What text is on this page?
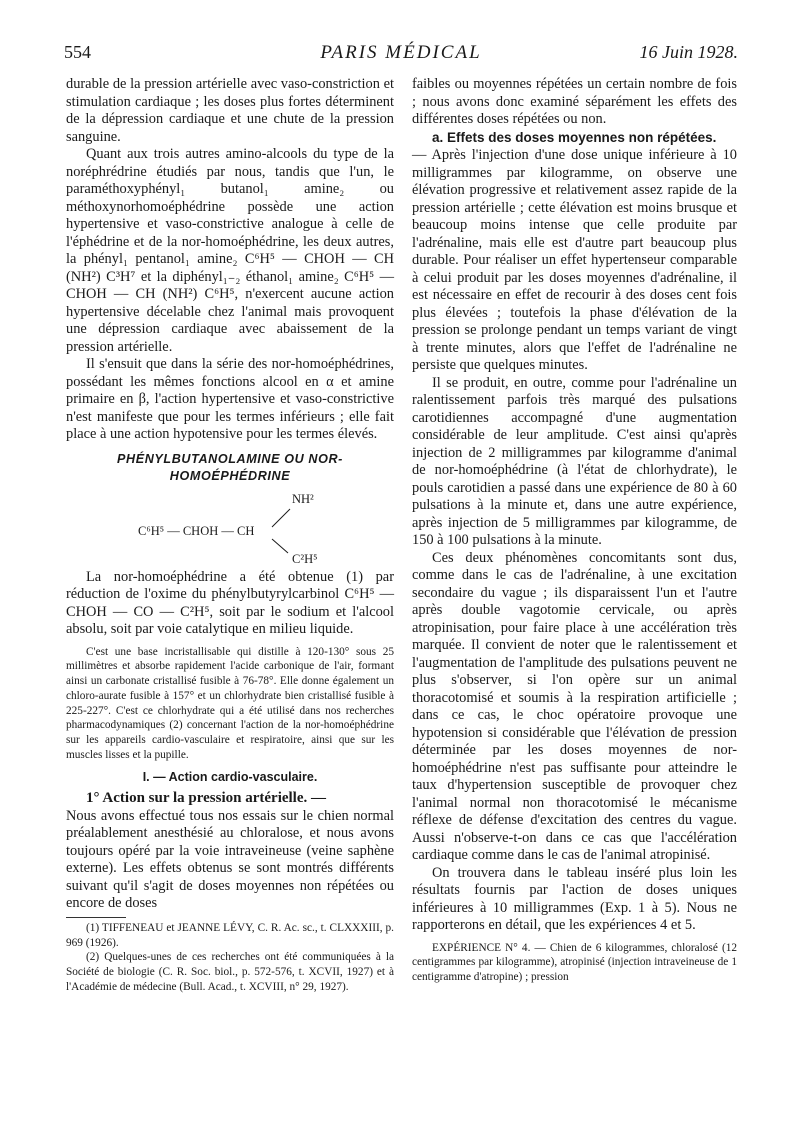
554	PARIS MÉDICAL	16 Juin 1928.

durable de la pression artérielle avec vaso-constriction et stimulation cardiaque ; les doses plus fortes déterminent de la dépression cardiaque et une chute de la pression sanguine.

Quant aux trois autres amino-alcools du type de la noréphrédrine étudiés par nous, tandis que l'un, le paraméthoxyphényl₁ butanol₁ amine₂ ou méthoxynorhomoéphédrine possède une action hypertensive et vaso-constrictive analogue à celle de l'éphédrine et de la nor-homoéphédrine, les deux autres, la phényl₁ pentanol₁ amine₂ C⁶H⁵ — CHOH — CH (NH²) C³H⁷ et la diphényl₁₋₂ éthanol₁ amine₂ C⁶H⁵ — CHOH — CH (NH²) C⁶H⁵, n'exercent aucune action hypertensive décelable chez l'animal mais provoquent une dépression cardiaque avec abaissement de la pression artérielle.

Il s'ensuit que dans la série des nor-homoéphédrines, possédant les mêmes fonctions alcool en α et amine primaire en β, l'action hypertensive et vaso-constrictive n'est manifeste que pour les termes inférieurs ; elle fait place à une action hypotensive pour les termes élevés.

PHÉNYLBUTANOLAMINE OU NOR-HOMOÉPHÉDRINE
NH²
C⁶H⁵ — CHOH — CH
C²H⁵

La nor-homoéphédrine a été obtenue (1) par réduction de l'oxime du phénylbutyrylcarbinol C⁶H⁵ — CHOH — CO — C²H⁵, soit par le sodium et l'alcool absolu, soit par voie catalytique en milieu liquide.

C'est une base incristallisable qui distille à 120-130° sous 25 millimètres et absorbe rapidement l'acide carbonique de l'air, formant ainsi un carbonate cristallisé fusible à 76-78°. Elle donne également un chloro-aurate fusible à 157° et un chlorhydrate bien cristallisé fusible à 225-227°. C'est ce chlorhydrate qui a été utilisé dans nos recherches pharmacodynamiques (2) concernant l'action de la nor-homoéphédrine sur les appareils cardio-vasculaire et respiratoire, ainsi que sur les muscles lisses et la pupille.

I. — Action cardio-vasculaire.

1° Action sur la pression artérielle. —

Nous avons effectué tous nos essais sur le chien normal préalablement anesthésié au chloralose, et nous avons toujours opéré par la voie intraveineuse (veine saphène externe). Les effets obtenus se sont montrés différents suivant qu'il s'agit de doses moyennes non répétées ou encore de doses

(1) TIFFENEAU et JEANNE LÉVY, C. R. Ac. sc., t. CLXXXIII, p. 969 (1926).

(2) Quelques-unes de ces recherches ont été communiquées à la Société de biologie (C. R. Soc. biol., p. 572-576, t. XCVII, 1927) et à l'Académie de médecine (Bull. Acad., t. XCVIII, n° 29, 1927).

faibles ou moyennes répétées un certain nombre de fois ; nous avons donc examiné séparément les effets des différentes doses répétées ou non.

a. Effets des doses moyennes non répétées.

— Après l'injection d'une dose unique inférieure à 10 milligrammes par kilogramme, on observe une élévation progressive et relativement assez rapide de la pression artérielle ; cette élévation est moins brusque et beaucoup moins intense que celle produite par l'adrénaline, mais elle est d'autre part beaucoup plus durable. Pour réaliser un effet hypertenseur comparable à celui produit par les doses moyennes d'adrénaline, il est nécessaire en effet de recourir à des doses cent fois plus élevées ; toutefois la phase d'élévation de la pression se prolonge pendant un temps variant de vingt à trente minutes, alors que l'effet de l'adrénaline ne persiste que quelques minutes.

Il se produit, en outre, comme pour l'adrénaline un ralentissement parfois très marqué des pulsations carotidiennes accompagné d'une augmentation considérable de leur amplitude. C'est ainsi qu'après injection de 2 milligrammes par kilogramme d'animal de nor-homoéphédrine (à l'état de chlorhydrate), le pouls carotidien a passé dans une expérience de 80 à 60 pulsations à la minute et, dans une autre expérience, après injection de 5 milligrammes par kilogramme, de 150 à 100 pulsations à la minute.

Ces deux phénomènes concomitants sont dus, comme dans le cas de l'adrénaline, à une excitation secondaire du vague ; ils disparaissent l'un et l'autre après double vagotomie cervicale, ou après atropinisation, pour faire place à une accélération très marquée. Il convient de noter que le ralentissement et l'augmentation de l'amplitude des pulsations peuvent ne plus s'observer, si l'on opère sur un animal thoracotomisé et soumis à la respiration artificielle ; dans ce cas, le choc opératoire provoque une hypotension si considérable que l'élévation de pression déterminée par les doses moyennes de nor-homoéphédrine n'est pas suffisante pour atteindre le taux d'hypertension susceptible de provoquer chez l'animal normal non thoracotomisé le mécanisme réflexe de défense d'excitation des centres du vague. Aussi n'observe-t-on dans ce cas que l'accélération cardiaque comme dans le cas de l'animal atropinisé.

On trouvera dans le tableau inséré plus loin les résultats fournis par l'action de doses uniques inférieures à 10 milligrammes (Exp. 1 à 5). Nous ne rapporterons en détail, que les expériences 4 et 5.

EXPÉRIENCE N° 4. — Chien de 6 kilogrammes, chloralosé (12 centigrammes par kilogramme), atropinisé (injection intraveineuse de 1 centigramme d'atropine) ; pression
